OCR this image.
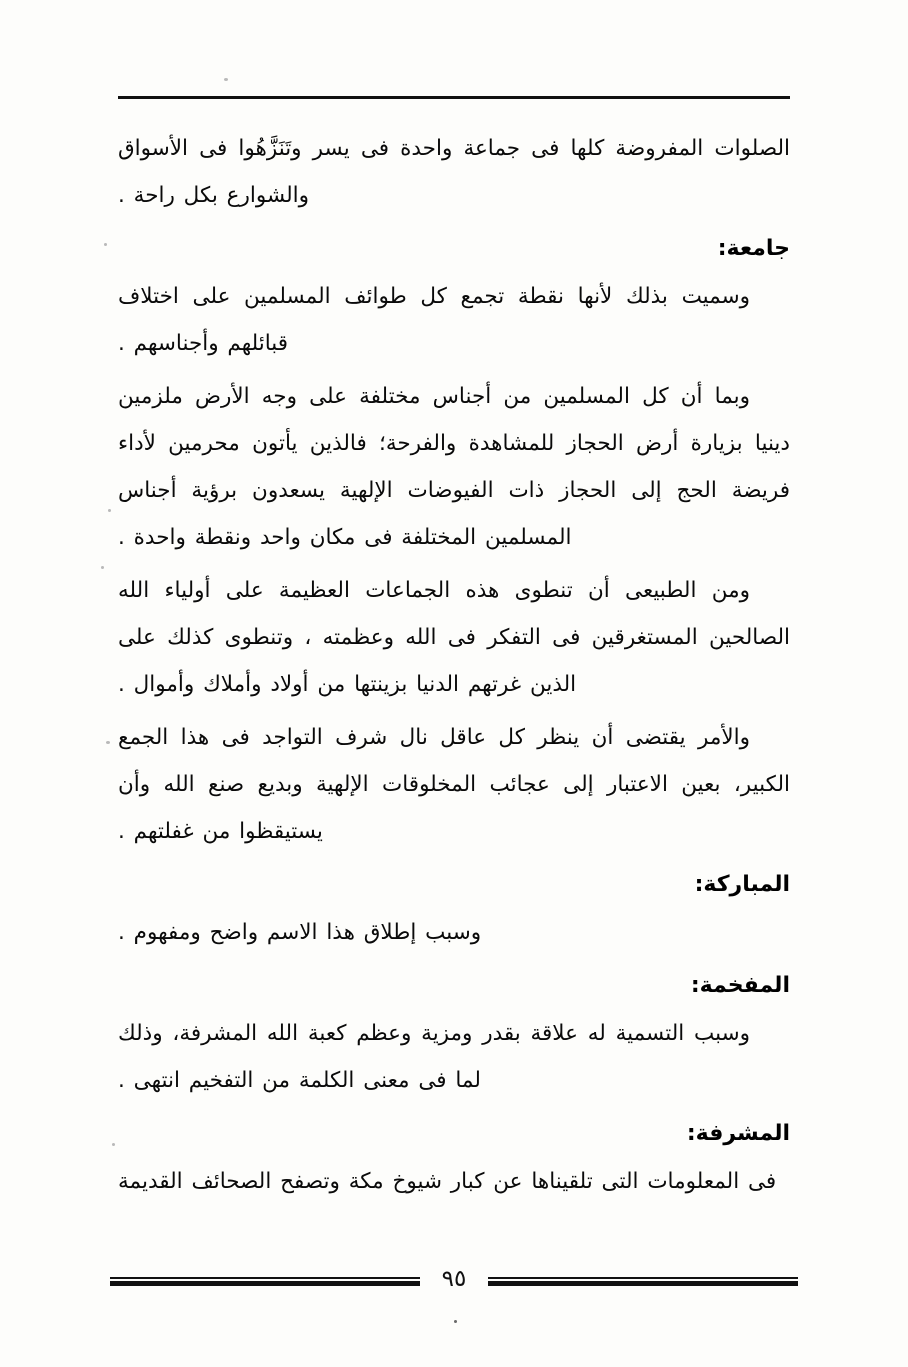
الصلوات المفروضة كلها فى جماعة واحدة فى يسر وتَنَزَّهُوا فى الأسواق والشوارع بكل راحة .

جامعة:

وسميت بذلك لأنها نقطة تجمع كل طوائف المسلمين على اختلاف قبائلهم وأجناسهم .

وبما أن كل المسلمين من أجناس مختلفة على وجه الأرض ملزمين دينيا بزيارة أرض الحجاز للمشاهدة والفرحة؛ فالذين يأتون محرمين لأداء فريضة الحج إلى الحجاز ذات الفيوضات الإلهية يسعدون برؤية أجناس المسلمين المختلفة فى مكان واحد ونقطة واحدة .

ومن الطبيعى أن تنطوى هذه الجماعات العظيمة على أولياء الله الصالحين المستغرقين فى التفكر فى الله وعظمته ، وتنطوى كذلك على الذين غرتهم الدنيا بزينتها من أولاد وأملاك وأموال .

والأمر يقتضى أن ينظر كل عاقل نال شرف التواجد فى هذا الجمع الكبير، بعين الاعتبار إلى عجائب المخلوقات الإلهية وبديع صنع الله وأن يستيقظوا من غفلتهم .

المباركة:

وسبب إطلاق هذا الاسم واضح ومفهوم .

المفخمة:

وسبب التسمية له علاقة بقدر ومزية وعظم كعبة الله المشرفة، وذلك لما فى معنى الكلمة من التفخيم انتهى .

المشرفة:

فى المعلومات التى تلقيناها عن كبار شيوخ مكة وتصفح الصحائف القديمة

٩٥
